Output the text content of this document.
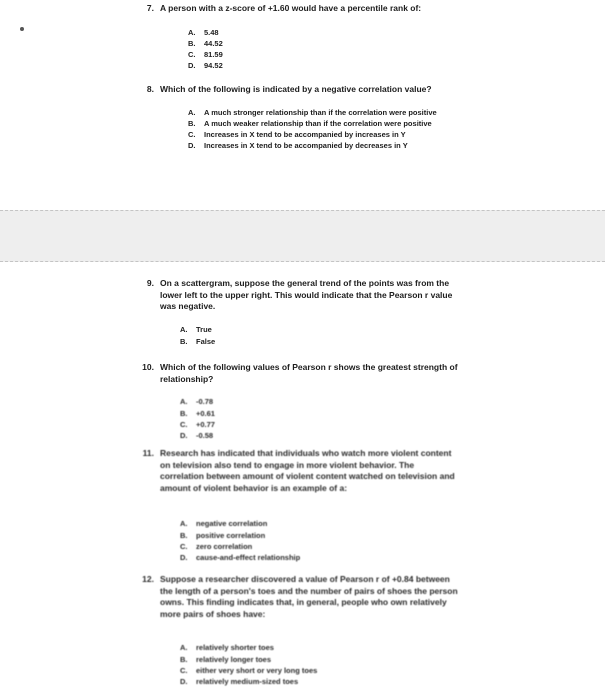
7. A person with a z-score of +1.60 would have a percentile rank of:
A.	5.48
B.	44.52
C.	81.59
D.	94.52
8. Which of the following is indicated by a negative correlation value?
A.	A much stronger relationship than if the correlation were positive
B.	A much weaker relationship than if the correlation were positive
C.	Increases in X tend to be accompanied by increases in Y
D.	Increases in X tend to be accompanied by decreases in Y
9. On a scattergram, suppose the general trend of the points was from the lower left to the upper right. This would indicate that the Pearson r value was negative.
A.	True
B.	False
10. Which of the following values of Pearson r shows the greatest strength of relationship?
A.	-0.78
B.	+0.61
C.	+0.77
D.	-0.58
11. Research has indicated that individuals who watch more violent content on television also tend to engage in more violent behavior. The correlation between amount of violent content watched on television and amount of violent behavior is an example of a:
A.	negative correlation
B.	positive correlation
C.	zero correlation
D.	cause-and-effect relationship
12. Suppose a researcher discovered a value of Pearson r of +0.84 between the length of a person's toes and the number of pairs of shoes the person owns. This finding indicates that, in general, people who own relatively more pairs of shoes have:
A.	relatively shorter toes
B.	relatively longer toes
C.	either very short or very long toes
D.	relatively medium-sized toes
